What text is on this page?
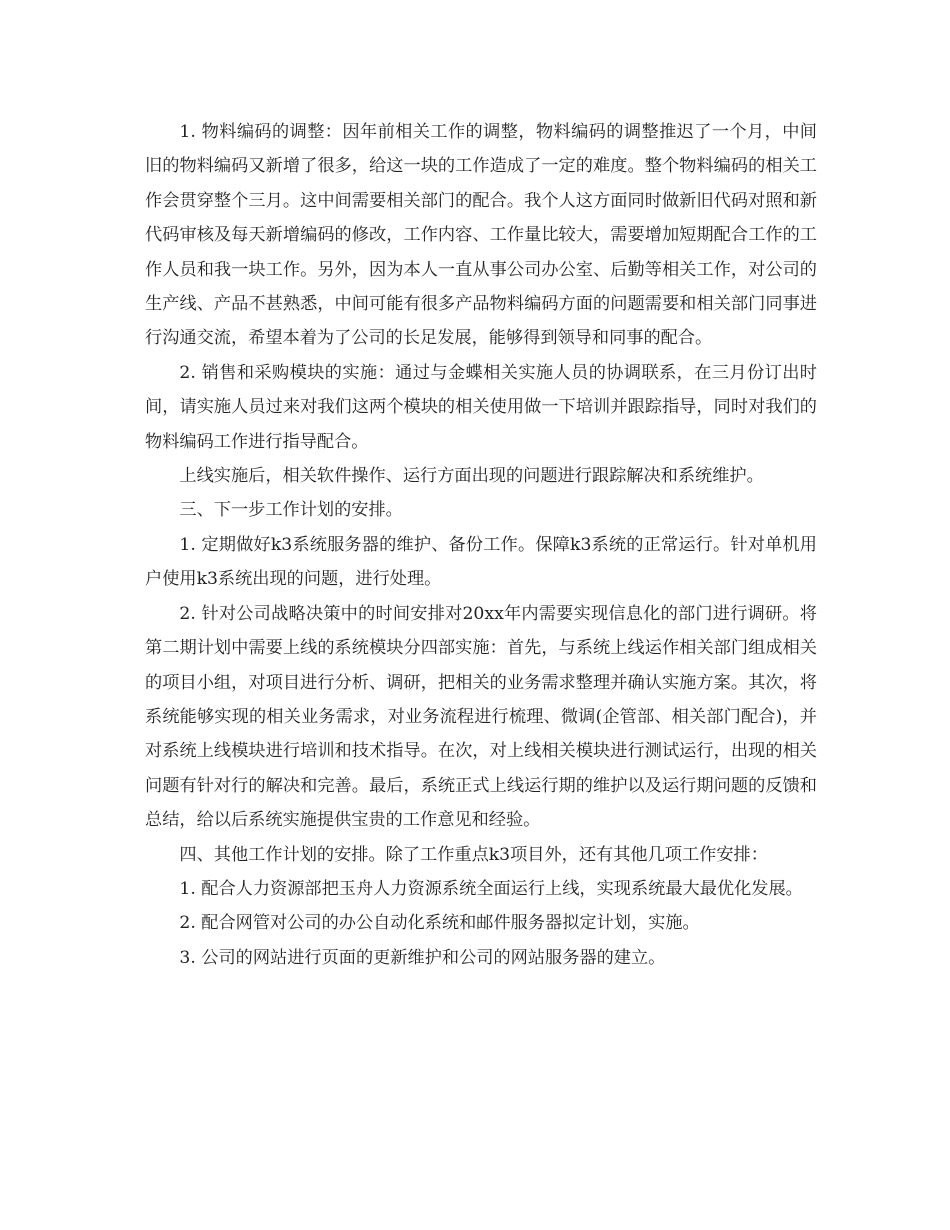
1. 物料编码的调整：因年前相关工作的调整，物料编码的调整推迟了一个月，中间旧的物料编码又新增了很多，给这一块的工作造成了一定的难度。整个物料编码的相关工作会贯穿整个三月。这中间需要相关部门的配合。我个人这方面同时做新旧代码对照和新代码审核及每天新增编码的修改，工作内容、工作量比较大，需要增加短期配合工作的工作人员和我一块工作。另外，因为本人一直从事公司办公室、后勤等相关工作，对公司的生产线、产品不甚熟悉，中间可能有很多产品物料编码方面的问题需要和相关部门同事进行沟通交流，希望本着为了公司的长足发展，能够得到领导和同事的配合。

2. 销售和采购模块的实施：通过与金蝶相关实施人员的协调联系，在三月份订出时间，请实施人员过来对我们这两个模块的相关使用做一下培训并跟踪指导，同时对我们的物料编码工作进行指导配合。

上线实施后，相关软件操作、运行方面出现的问题进行跟踪解决和系统维护。

三、下一步工作计划的安排。

1. 定期做好k3系统服务器的维护、备份工作。保障k3系统的正常运行。针对单机用户使用k3系统出现的问题，进行处理。

2. 针对公司战略决策中的时间安排对20xx年内需要实现信息化的部门进行调研。将第二期计划中需要上线的系统模块分四部实施：首先，与系统上线运作相关部门组成相关的项目小组，对项目进行分析、调研，把相关的业务需求整理并确认实施方案。其次，将系统能够实现的相关业务需求，对业务流程进行梳理、微调(企管部、相关部门配合)，并对系统上线模块进行培训和技术指导。在次，对上线相关模块进行测试运行，出现的相关问题有针对行的解决和完善。最后，系统正式上线运行期的维护以及运行期问题的反馈和总结，给以后系统实施提供宝贵的工作意见和经验。

四、其他工作计划的安排。除了工作重点k3项目外，还有其他几项工作安排：

1. 配合人力资源部把玉舟人力资源系统全面运行上线，实现系统最大最优化发展。

2. 配合网管对公司的办公自动化系统和邮件服务器拟定计划，实施。

3. 公司的网站进行页面的更新维护和公司的网站服务器的建立。
